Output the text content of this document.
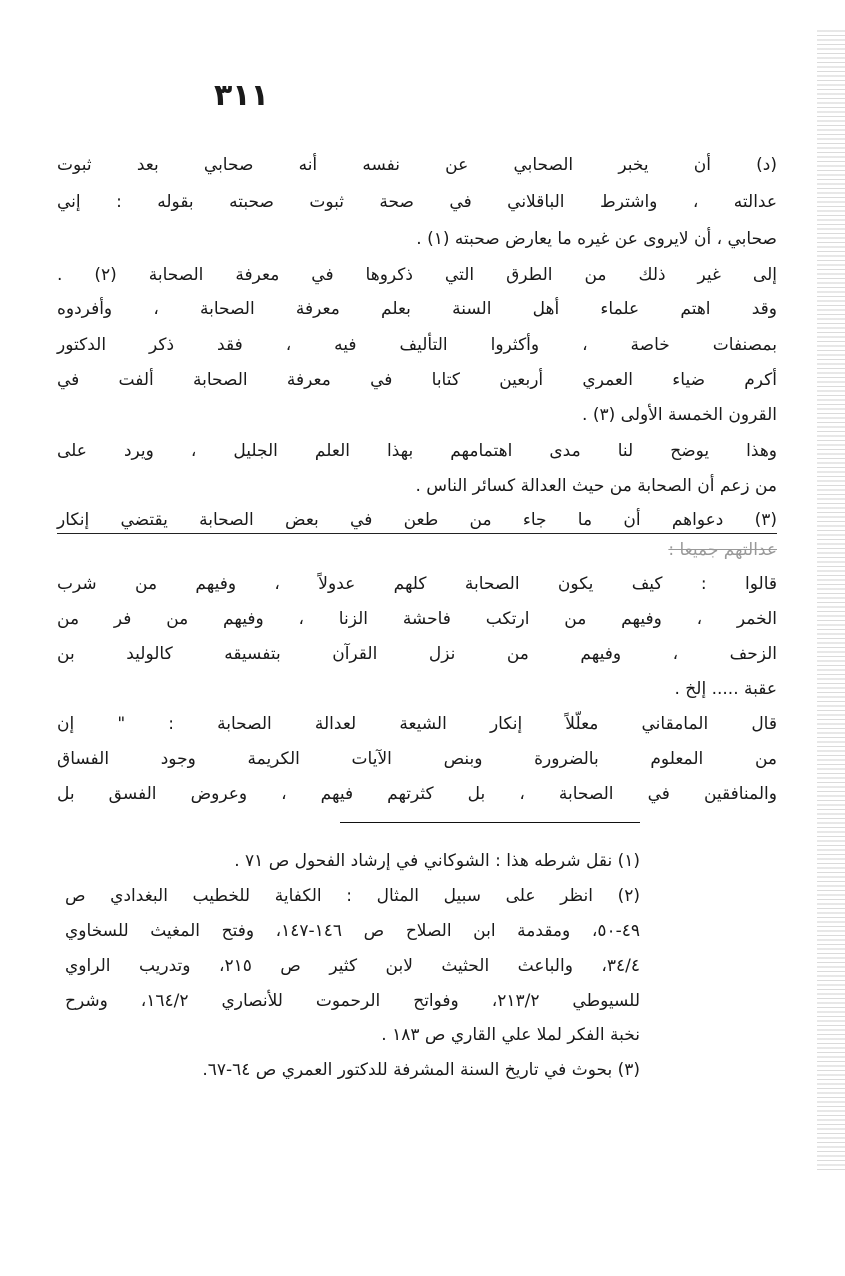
٣١١
(د) أن يخبر الصحابي عن نفسه أنه صحابي بعد ثبوت
عدالته ، واشترط الباقلاني في صحة ثبوت صحبته بقوله : إني
صحابي ، أن لايروى عن غيره ما يعارض صحبته (١) .
إلى غير ذلك من الطرق التي ذكروها في معرفة الصحابة (٢) .
وقد اهتم علماء أهل السنة بعلم معرفة الصحابة ، وأفردوه
بمصنفات خاصة ، وأكثروا التأليف فيه ، فقد ذكر الدكتور
أكرم ضياء العمري أربعين كتابا في معرفة الصحابة ألفت في
القرون الخمسة الأولى (٣) .
وهذا يوضح لنا مدى اهتمامهم بهذا العلم الجليل ، ويرد على
من زعم أن الصحابة من حيث العدالة كسائر الناس .
(٣) دعواهم أن ما جاء من طعن في بعض الصحابة يقتضي إنكار
عدالتهم جميعا :
قالوا : كيف يكون الصحابة كلهم عدولاً ، وفيهم من شرب
الخمر ، وفيهم من ارتكب فاحشة الزنا ، وفيهم من فر من
الزحف ، وفيهم من نزل القرآن بتفسيقه كالوليد بن
عقبة ..... إلخ .
قال المامقاني معلّلاً إنكار الشيعة لعدالة الصحابة : " إن
من المعلوم بالضرورة وبنص الآيات الكريمة وجود الفساق
والمنافقين في الصحابة ، بل كثرتهم فيهم ، وعروض الفسق بل
(١) نقل شرطه هذا : الشوكاني في إرشاد الفحول ص ٧١ .
(٢) انظر على سبيل المثال : الكفاية للخطيب البغدادي ص
٤٩-٥٠، ومقدمة ابن الصلاح ص ١٤٦-١٤٧، وفتح المغيث للسخاوي
٣٤/٤، والباعث الحثيث لابن كثير ص ٢١٥، وتدريب الراوي
للسيوطي ٢١٣/٢، وفواتح الرحموت للأنصاري ١٦٤/٢، وشرح
نخبة الفكر لملا علي القاري ص ١٨٣ .
(٣) بحوث في تاريخ السنة المشرفة للدكتور العمري ص ٦٤-٦٧.
